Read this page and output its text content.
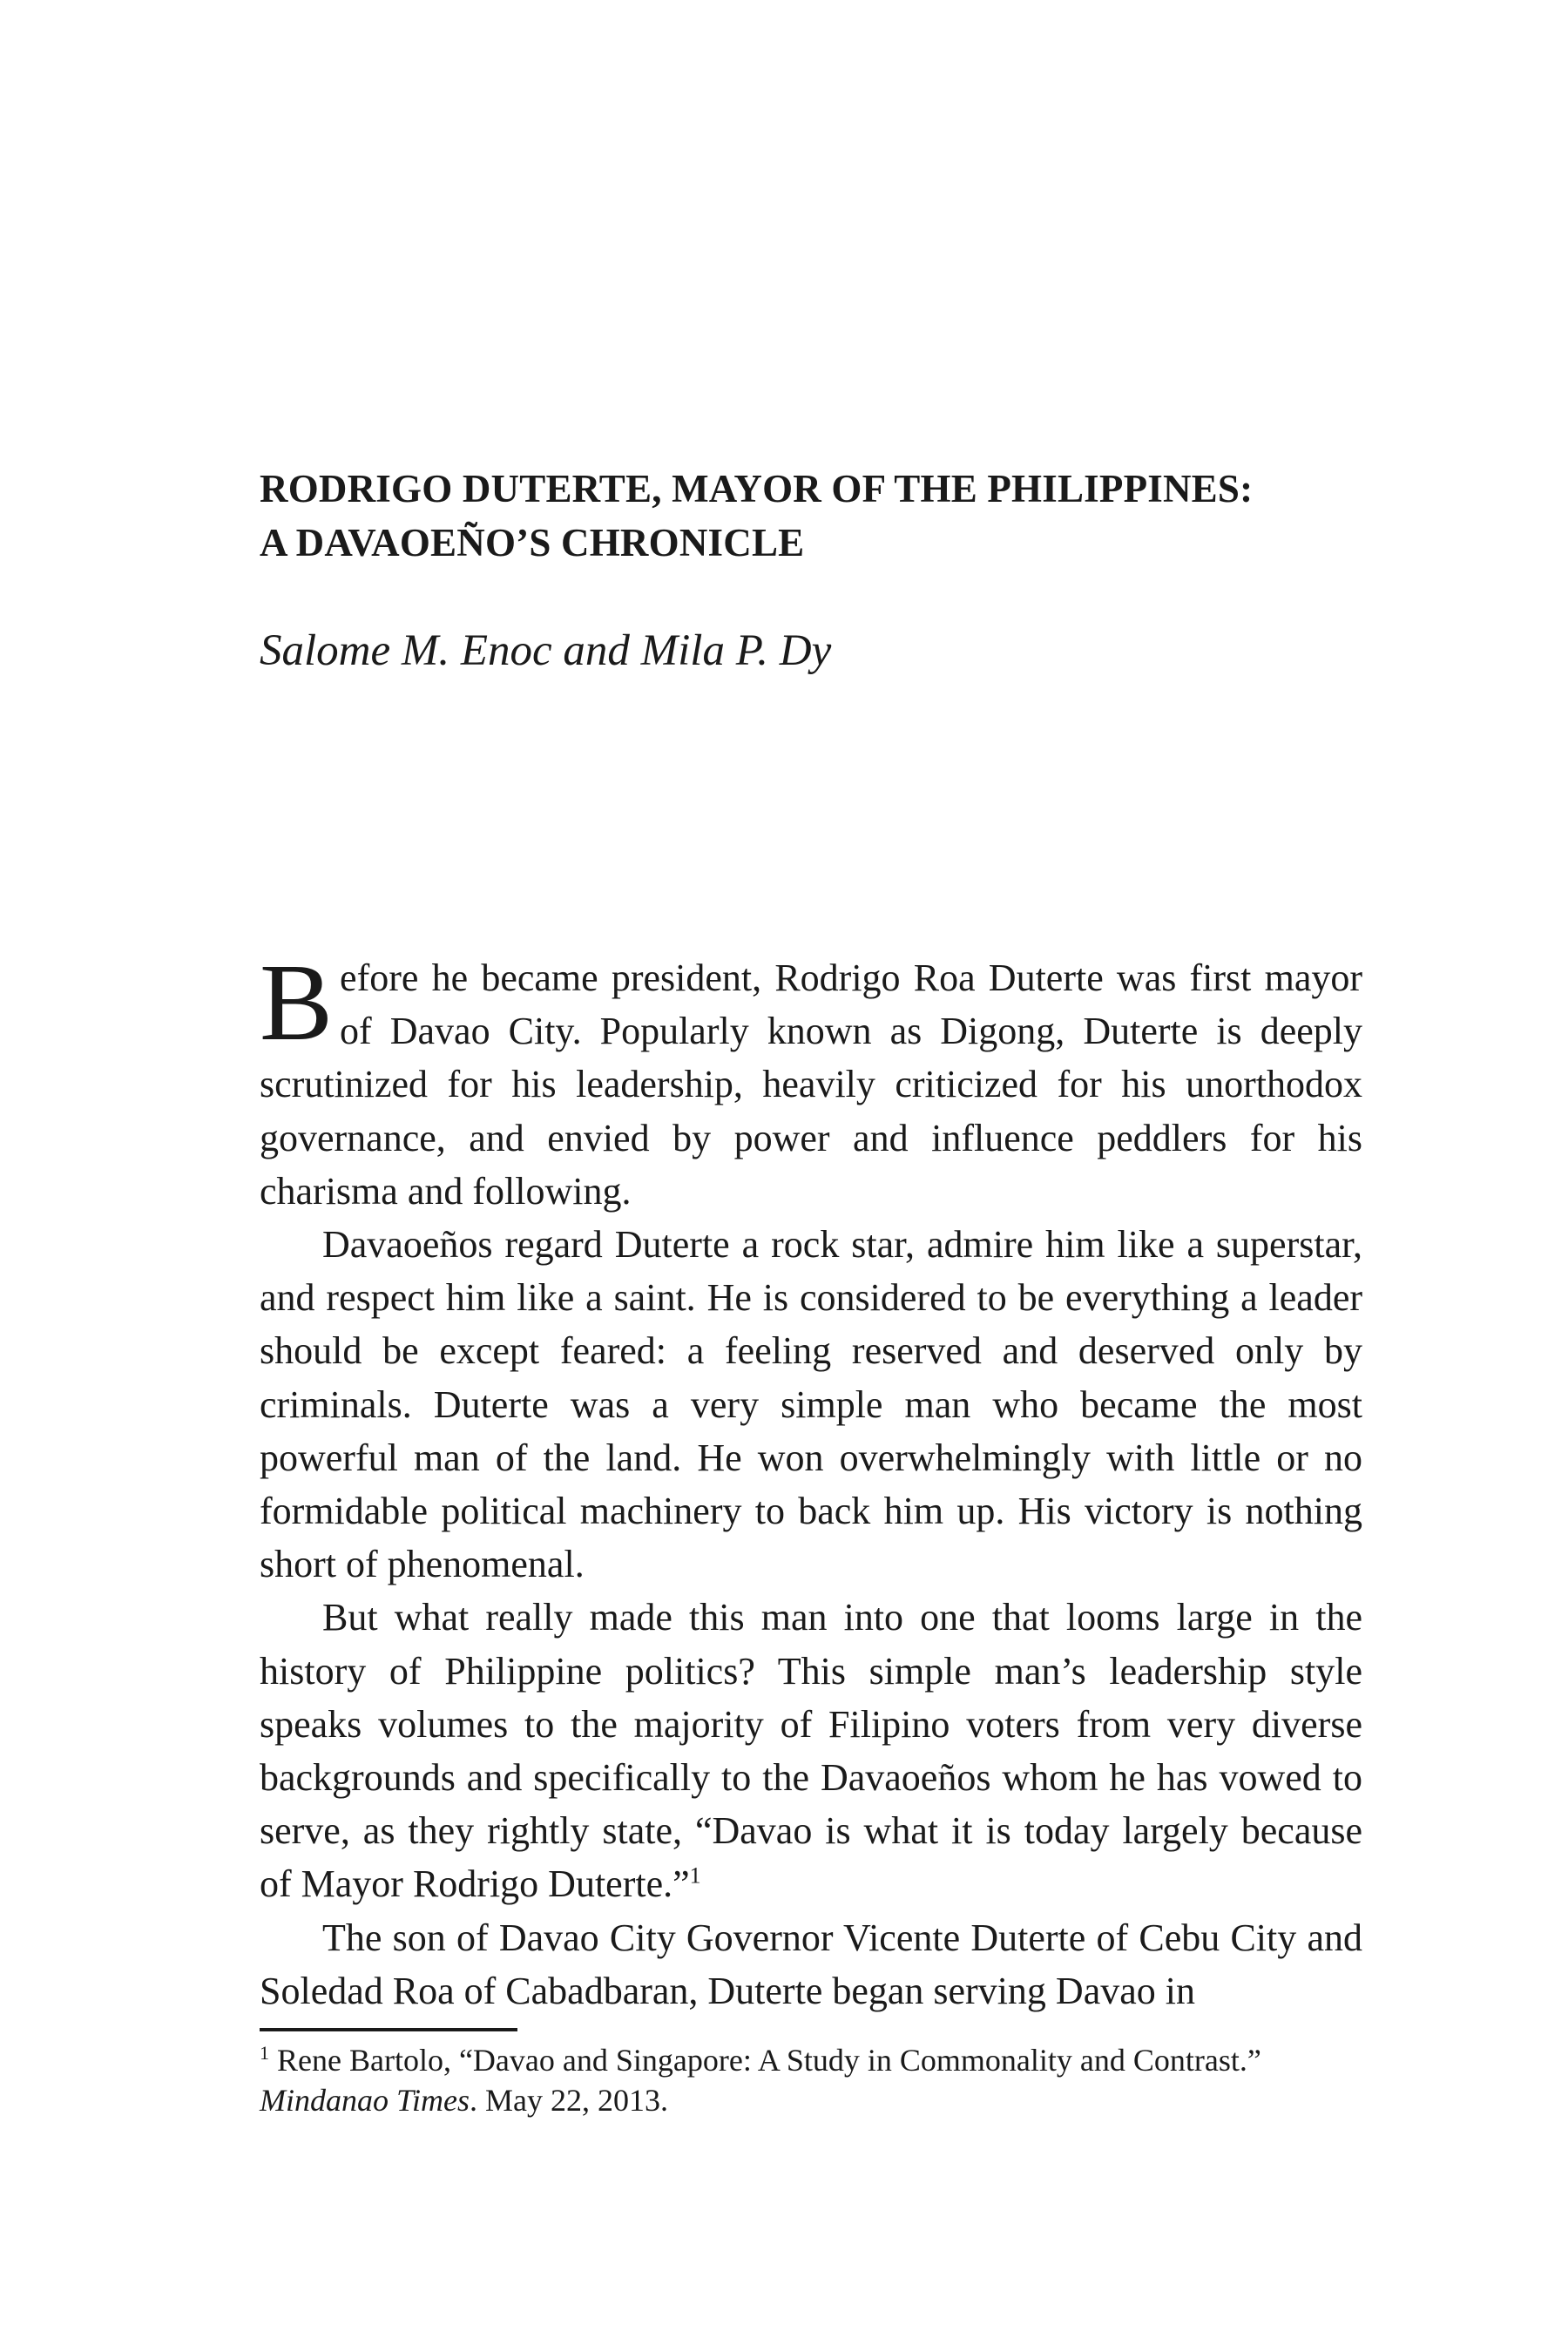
RODRIGO DUTERTE, MAYOR OF THE PHILIPPINES:
A DAVAOEÑO’S CHRONICLE
Salome M. Enoc and Mila P. Dy

Before he became president, Rodrigo Roa Duterte was first mayor of Davao City. Popularly known as Digong, Duterte is deeply scrutinized for his leadership, heavily criticized for his unorthodox governance, and envied by power and influence peddlers for his charisma and following.

Davaoeños regard Duterte a rock star, admire him like a superstar, and respect him like a saint. He is considered to be everything a leader should be except feared: a feeling reserved and deserved only by criminals. Duterte was a very simple man who became the most powerful man of the land. He won overwhelmingly with little or no formidable political machinery to back him up. His victory is nothing short of phenomenal.

But what really made this man into one that looms large in the history of Philippine politics? This simple man’s leadership style speaks volumes to the majority of Filipino voters from very diverse backgrounds and specifically to the Davaoeños whom he has vowed to serve, as they rightly state, “Davao is what it is today largely because of Mayor Rodrigo Duterte.”$^1$

The son of Davao City Governor Vicente Duterte of Cebu City and Soledad Roa of Cabadbaran, Duterte began serving Davao in

$^1$ Rene Bartolo, “Davao and Singapore: A Study in Commonality and Contrast.”
Mindanao Times. May 22, 2013.
